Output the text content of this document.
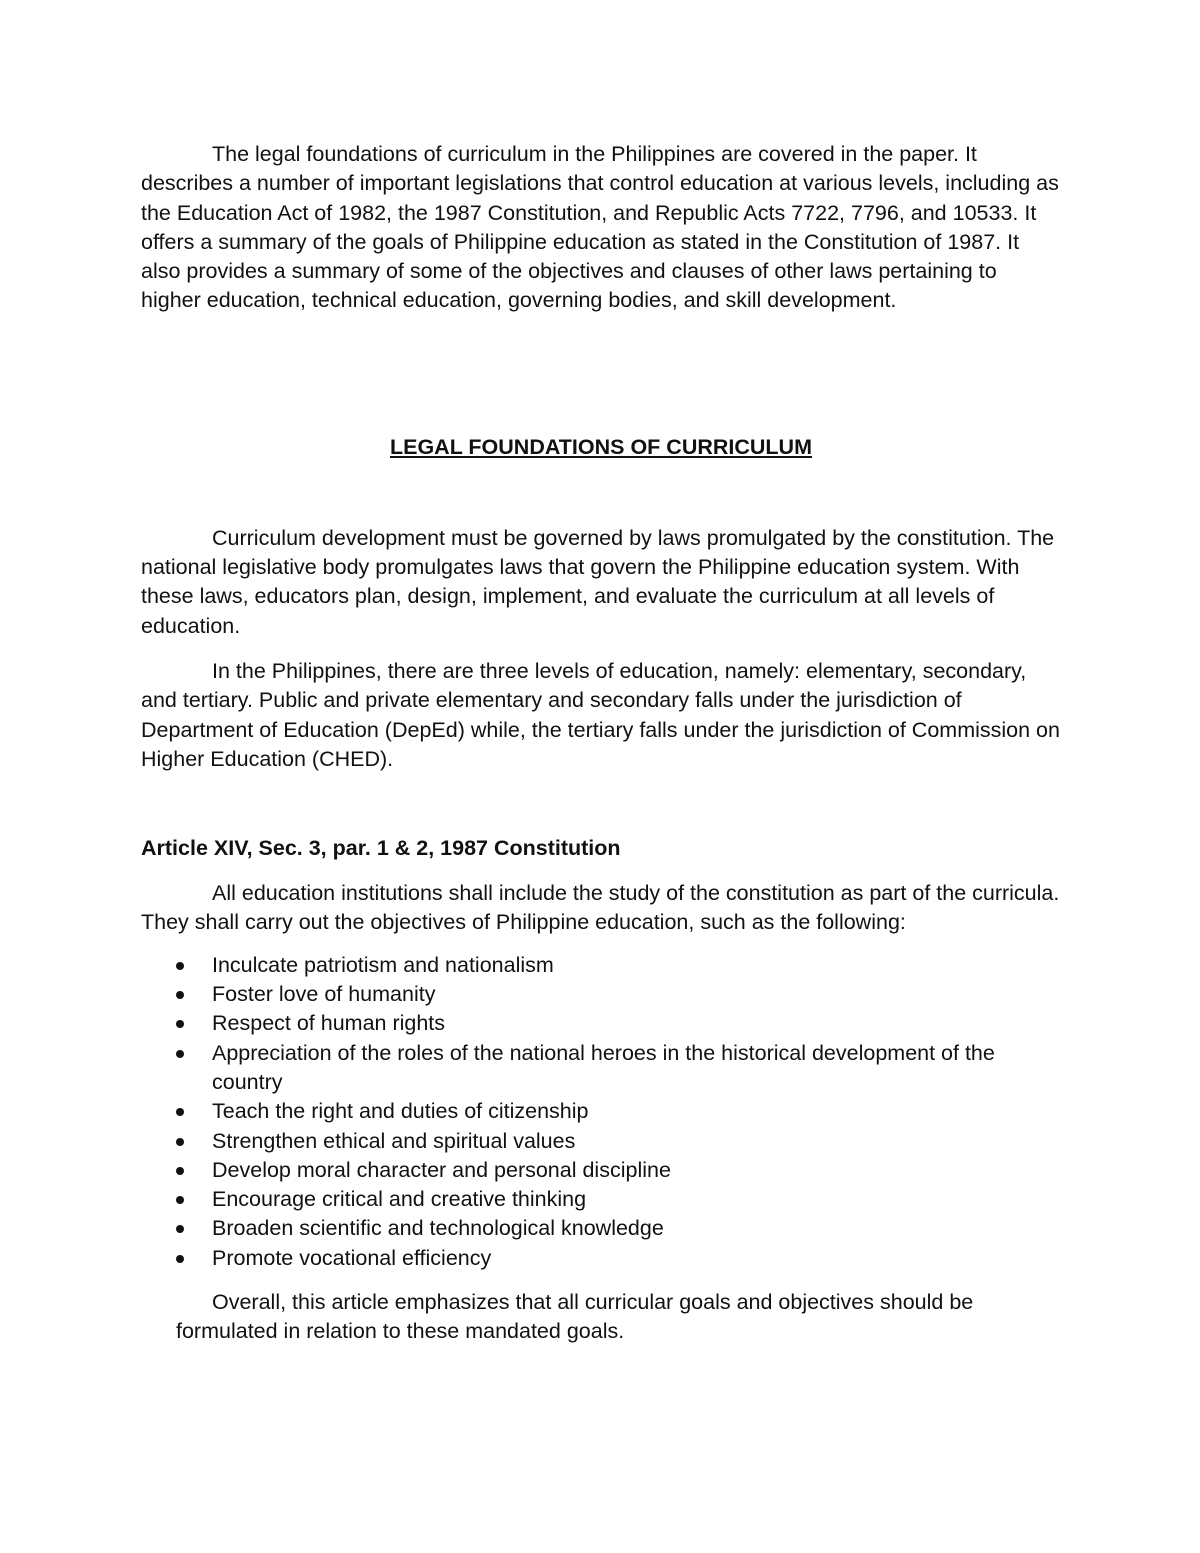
The legal foundations of curriculum in the Philippines are covered in the paper. It describes a number of important legislations that control education at various levels, including as the Education Act of 1982, the 1987 Constitution, and Republic Acts 7722, 7796, and 10533. It offers a summary of the goals of Philippine education as stated in the Constitution of 1987. It also provides a summary of some of the objectives and clauses of other laws pertaining to higher education, technical education, governing bodies, and skill development.

LEGAL FOUNDATIONS OF CURRICULUM

Curriculum development must be governed by laws promulgated by the constitution. The national legislative body promulgates laws that govern the Philippine education system. With these laws, educators plan, design, implement, and evaluate the curriculum at all levels of education.

In the Philippines, there are three levels of education, namely: elementary, secondary, and tertiary. Public and private elementary and secondary falls under the jurisdiction of Department of Education (DepEd) while, the tertiary falls under the jurisdiction of Commission on Higher Education (CHED).

Article XIV, Sec. 3, par. 1 & 2, 1987 Constitution

All education institutions shall include the study of the constitution as part of the curricula. They shall carry out the objectives of Philippine education, such as the following:

Inculcate patriotism and nationalism
Foster love of humanity
Respect of human rights
Appreciation of the roles of the national heroes in the historical development of the country
Teach the right and duties of citizenship
Strengthen ethical and spiritual values
Develop moral character and personal discipline
Encourage critical and creative thinking
Broaden scientific and technological knowledge
Promote vocational efficiency

Overall, this article emphasizes that all curricular goals and objectives should be formulated in relation to these mandated goals.
